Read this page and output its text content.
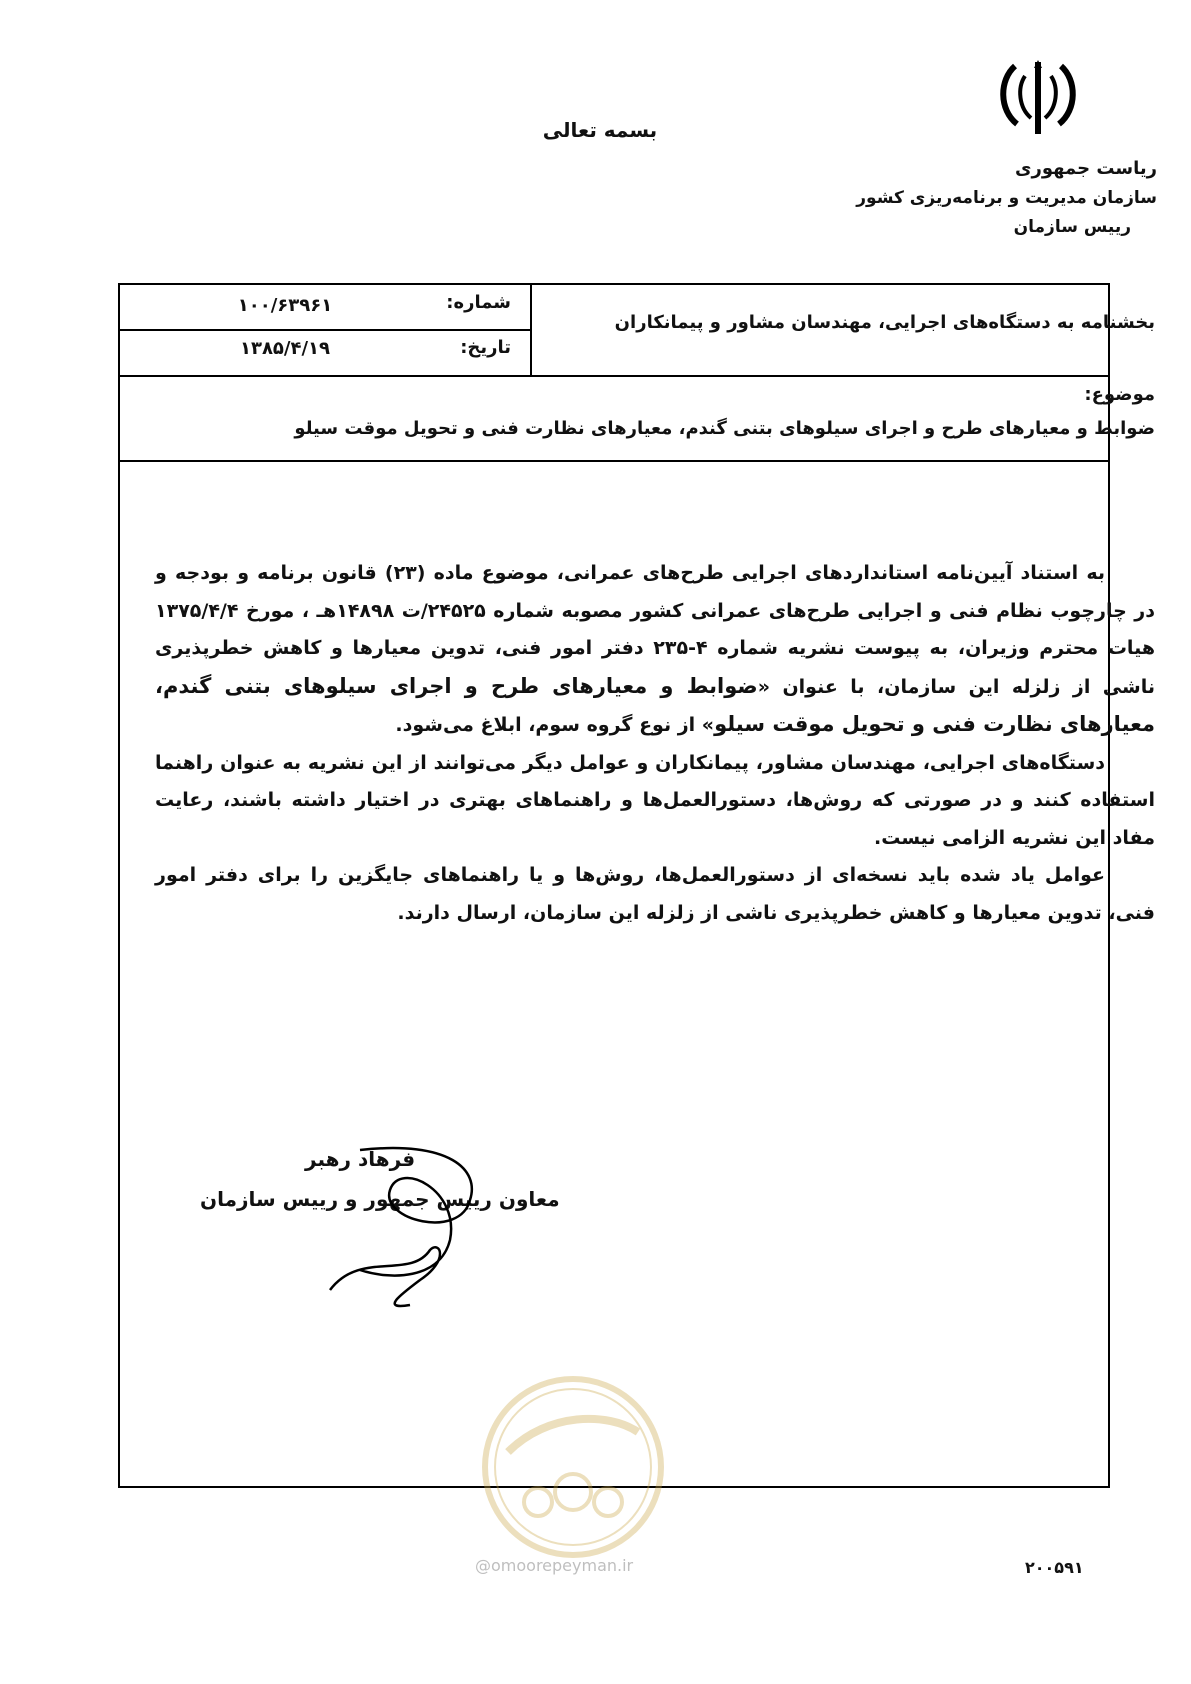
بسمه تعالی
ریاست جمهوری
سازمان مدیریت و برنامه‌ریزی کشور
رییس سازمان
بخشنامه به دستگاه‌های اجرایی، مهندسان مشاور و پیمانکاران
شماره:
۱۰۰/۶۳۹۶۱
تاریخ:
۱۳۸۵/۴/۱۹
موضوع:
ضوابط و معیارهای طرح و اجرای سیلوهای بتنی گندم، معیارهای نظارت فنی و تحویل موقت سیلو

به استناد آیین‌نامه استانداردهای اجرایی طرح‌های عمرانی، موضوع ماده (۲۳) قانون برنامه و بودجه و در چارچوب نظام فنی و اجرایی طرح‌های عمرانی کشور مصوبه شماره ۲۴۵۲۵/ت ۱۴۸۹۸هـ ، مورخ ۱۳۷۵/۴/۴ هیات محترم وزیران، به پیوست نشریه شماره ۴-۲۳۵ دفتر امور فنی، تدوین معیارها و کاهش خطرپذیری ناشی از زلزله این سازمان، با عنوان «ضوابط و معیارهای طرح و اجرای سیلوهای بتنی گندم، معیارهای نظارت فنی و تحویل موقت سیلو» از نوع گروه سوم، ابلاغ می‌شود.

دستگاه‌های اجرایی، مهندسان مشاور، پیمانکاران و عوامل دیگر می‌توانند از این نشریه به عنوان راهنما استفاده کنند و در صورتی که روش‌ها، دستورالعمل‌ها و راهنماهای بهتری در اختیار داشته باشند، رعایت مفاد این نشریه الزامی نیست.

عوامل یاد شده باید نسخه‌ای از دستورالعمل‌ها، روش‌ها و یا راهنماهای جایگزین را برای دفتر امور فنی، تدوین معیارها و کاهش خطرپذیری ناشی از زلزله این سازمان، ارسال دارند.

فرهاد رهبر
معاون رییس جمهور و رییس سازمان
@omoorepeyman.ir	۲۰۰۵۹۱
